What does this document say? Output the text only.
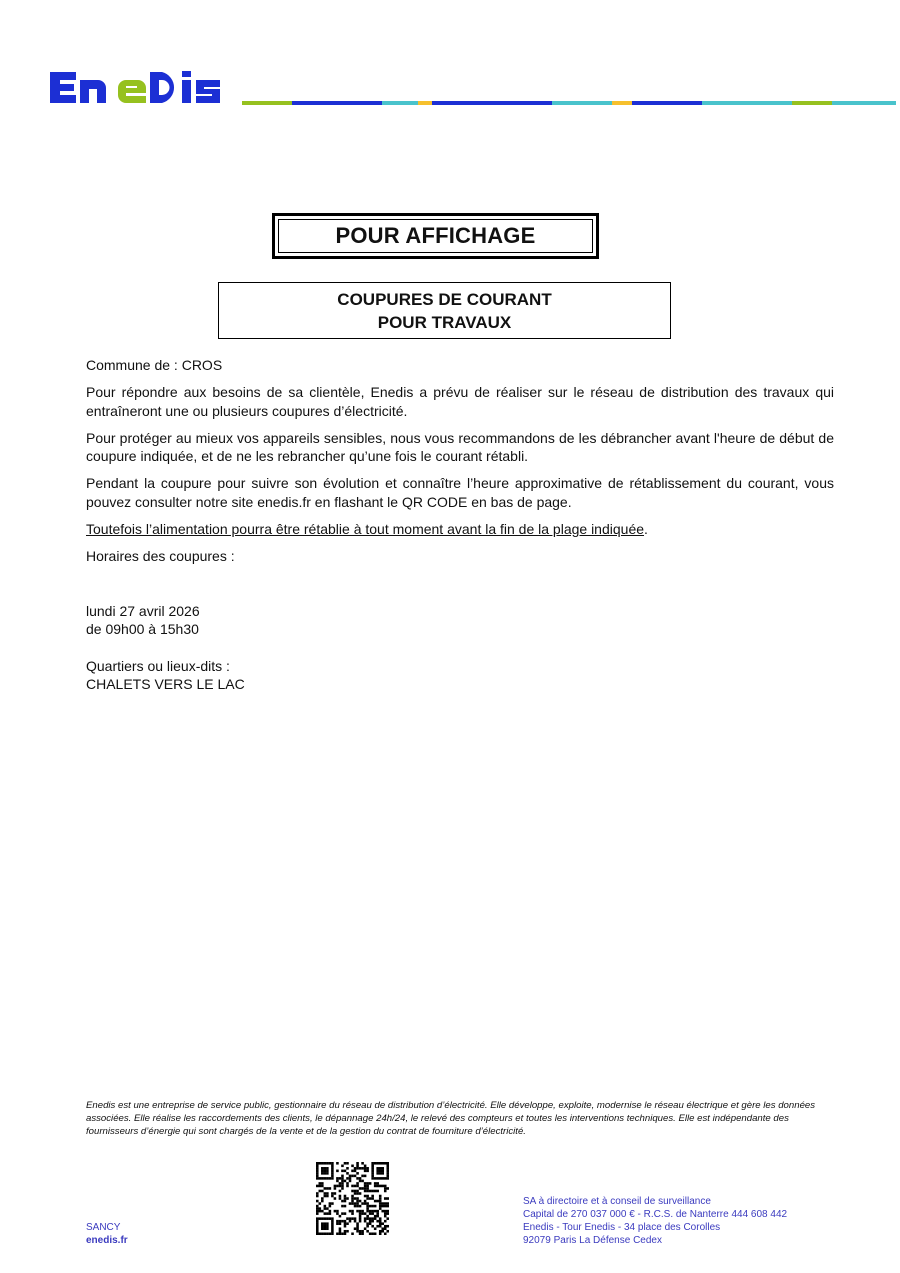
POUR AFFICHAGE
COUPURES DE COURANT
POUR TRAVAUX

Commune de : CROS

Pour répondre aux besoins de sa clientèle, Enedis a prévu de réaliser sur le réseau de distribution des travaux qui entraîneront une ou plusieurs coupures d’électricité.

Pour protéger au mieux vos appareils sensibles, nous vous recommandons de les débrancher avant l'heure de début de coupure indiquée, et de ne les rebrancher qu’une fois le courant rétabli.

Pendant la coupure pour suivre son évolution et connaître l’heure approximative de rétablissement du courant, vous pouvez consulter notre site enedis.fr en flashant le QR CODE en bas de page.

Toutefois l’alimentation pourra être rétablie à tout moment avant la fin de la plage indiquée.

Horaires des coupures :

lundi 27 avril 2026
de 09h00 à 15h30
Quartiers ou lieux-dits :
CHALETS VERS LE LAC
Enedis est une entreprise de service public, gestionnaire du réseau de distribution d’électricité. Elle développe, exploite, modernise le réseau électrique et gère les données associées. Elle réalise les raccordements des clients, le dépannage 24h/24, le relevé des compteurs et toutes les interventions techniques. Elle est indépendante des fournisseurs d’énergie qui sont chargés de la vente et de la gestion du contrat de fourniture d’électricité.
SANCY
enedis.fr
SA à directoire et à conseil de surveillance
Capital de 270 037 000 € - R.C.S. de Nanterre 444 608 442
Enedis - Tour Enedis - 34 place des Corolles
92079 Paris La Défense Cedex
